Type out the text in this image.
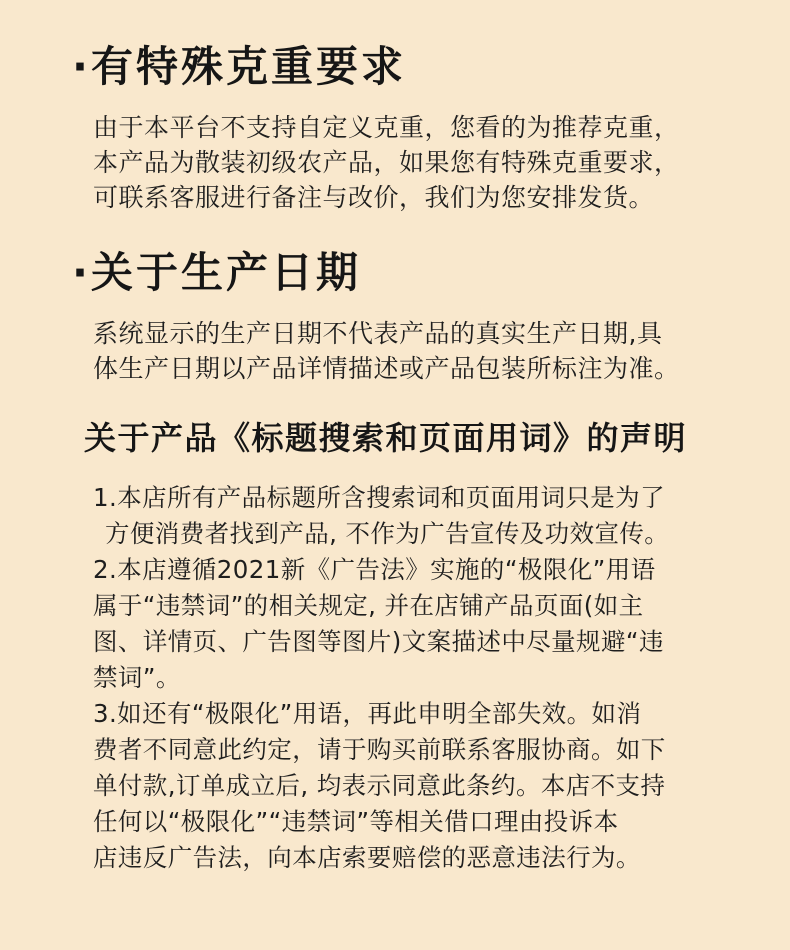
·有特殊克重要求
由于本平台不支持自定义克重，您看的为推荐克重，
本产品为散装初级农产品，如果您有特殊克重要求，
可联系客服进行备注与改价，我们为您安排发货。
·关于生产日期
系统显示的生产日期不代表产品的真实生产日期,具
体生产日期以产品详情描述或产品包装所标注为准。
关于产品《标题搜索和页面用词》的声明
1.本店所有产品标题所含搜索词和页面用词只是为了
方便消费者找到产品, 不作为广告宣传及功效宣传。
2.本店遵循2021新《广告法》实施的“极限化”用语
属于“违禁词”的相关规定, 并在店铺产品页面(如主
图、详情页、广告图等图片)文案描述中尽量规避“违
禁词”。
3.如还有“极限化”用语，再此申明全部失效。如消
费者不同意此约定，请于购买前联系客服协商。如下
单付款,订单成立后, 均表示同意此条约。本店不支持
任何以“极限化”“违禁词”等相关借口理由投诉本
店违反广告法，向本店索要赔偿的恶意违法行为。
